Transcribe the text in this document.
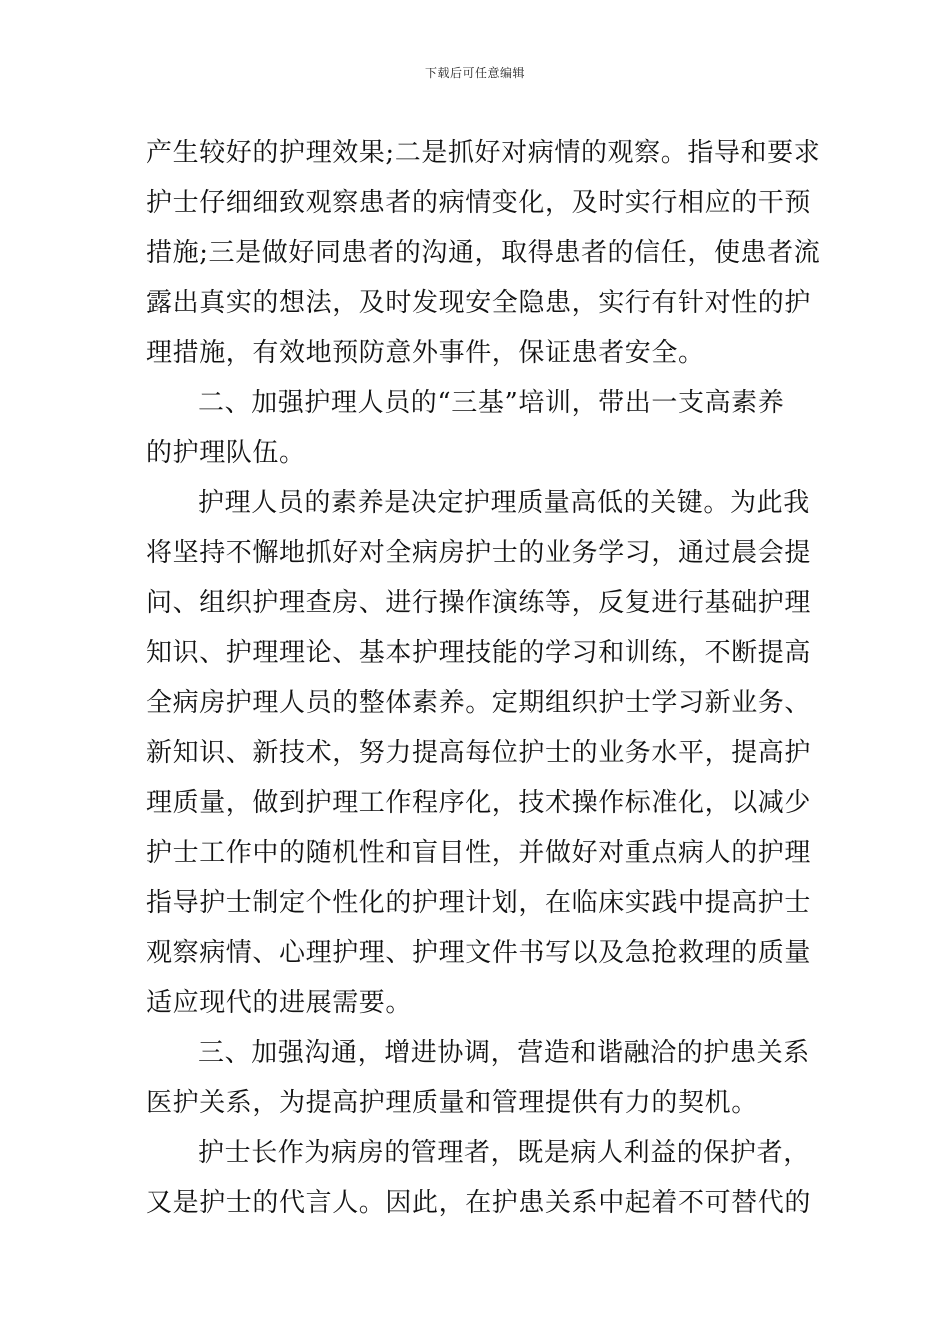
下载后可任意编辑
产生较好的护理效果;二是抓好对病情的观察。指导和要求
护士仔细细致观察患者的病情变化，及时实行相应的干预
措施;三是做好同患者的沟通，取得患者的信任，使患者流
露出真实的想法，及时发现安全隐患，实行有针对性的护
理措施，有效地预防意外事件，保证患者安全。
二、加强护理人员的“三基”培训，带出一支高素养
的护理队伍。
护理人员的素养是决定护理质量高低的关键。为此我
将坚持不懈地抓好对全病房护士的业务学习，通过晨会提
问、组织护理查房、进行操作演练等，反复进行基础护理
知识、护理理论、基本护理技能的学习和训练，不断提高
全病房护理人员的整体素养。定期组织护士学习新业务、
新知识、新技术，努力提高每位护士的业务水平，提高护
理质量，做到护理工作程序化，技术操作标准化，以减少
护士工作中的随机性和盲目性，并做好对重点病人的护理
指导护士制定个性化的护理计划，在临床实践中提高护士
观察病情、心理护理、护理文件书写以及急抢救理的质量
适应现代的进展需要。
三、加强沟通，增进协调，营造和谐融洽的护患关系
医护关系，为提高护理质量和管理提供有力的契机。
护士长作为病房的管理者，既是病人利益的保护者，
又是护士的代言人。因此，在护患关系中起着不可替代的
